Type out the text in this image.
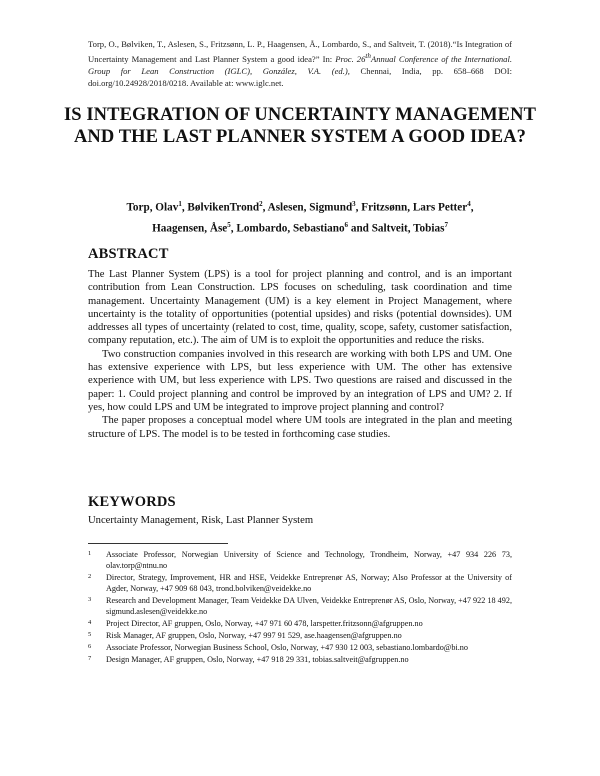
Torp, O., Bølviken, T., Aslesen, S., Fritzsønn, L. P., Haagensen, Å., Lombardo, S., and Saltveit, T. (2018).“Is Integration of Uncertainty Management and Last Planner System a good idea?” In: Proc. 26thAnnual Conference of the International. Group for Lean Construction (IGLC), González, V.A. (ed.), Chennai, India, pp. 658–668 DOI: doi.org/10.24928/2018/0218. Available at: www.iglc.net.
IS INTEGRATION OF UNCERTAINTY MANAGEMENT AND THE LAST PLANNER SYSTEM A GOOD IDEA?
Torp, Olav$^1$, BølvikenTrond$^2$, Aslesen, Sigmund$^3$, Fritzsønn, Lars Petter$^4$,
Haagensen, Åse$^5$, Lombardo, Sebastiano$^6$ and Saltveit, Tobias$^7$
ABSTRACT

The Last Planner System (LPS) is a tool for project planning and control, and is an important contribution from Lean Construction. LPS focuses on scheduling, task coordination and time management. Uncertainty Management (UM) is a key element in Project Management, where uncertainty is the totality of opportunities (potential upsides) and risks (potential downsides). UM addresses all types of uncertainty (related to cost, time, quality, scope, safety, customer satisfaction, company reputation, etc.). The aim of UM is to exploit the opportunities and reduce the risks.

Two construction companies involved in this research are working with both LPS and UM. One has extensive experience with LPS, but less experience with UM. The other has extensive experience with UM, but less experience with LPS. Two questions are raised and discussed in the paper: 1. Could project planning and control be improved by an integration of LPS and UM? 2. If yes, how could LPS and UM be integrated to improve project planning and control?

The paper proposes a conceptual model where UM tools are integrated in the plan and meeting structure of LPS. The model is to be tested in forthcoming case studies.

KEYWORDS
Uncertainty Management, Risk, Last Planner System
1	Associate Professor, Norwegian University of Science and Technology, Trondheim, Norway, +47 934 226 73, olav.torp@ntnu.no
2	Director, Strategy, Improvement, HR and HSE, Veidekke Entreprenør AS, Norway; Also Professor at the University of Agder, Norway, +47 909 68 043, trond.bolviken@veidekke.no
3	Research and Development Manager, Team Veidekke DA Ulven, Veidekke Entreprenør AS, Oslo, Norway, +47 922 18 492, sigmund.aslesen@veidekke.no
4	Project Director, AF gruppen, Oslo, Norway, +47 971 60 478, larspetter.fritzsonn@afgruppen.no
5	Risk Manager, AF gruppen, Oslo, Norway, +47 997 91 529, ase.haagensen@afgruppen.no
6	Associate Professor, Norwegian Business School, Oslo, Norway, +47 930 12 003, sebastiano.lombardo@bi.no
7	Design Manager, AF gruppen, Oslo, Norway, +47 918 29 331, tobias.saltveit@afgruppen.no
